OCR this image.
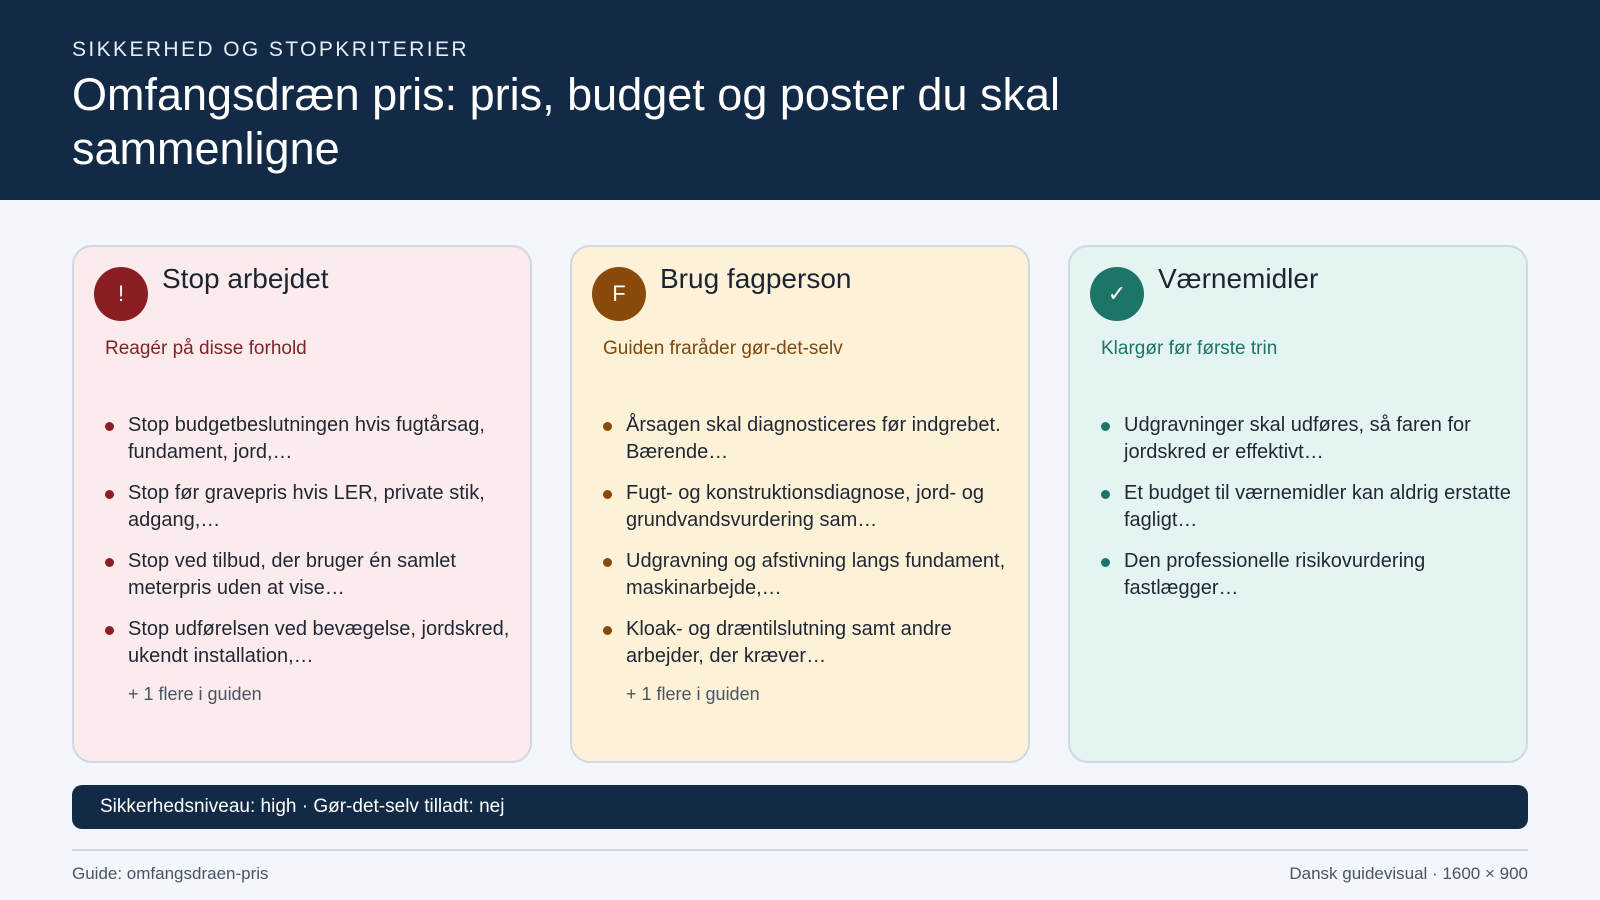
SIKKERHED OG STOPKRITERIER
Omfangsdræn pris: pris, budget og poster du skal sammenligne
!	Stop arbejdet
Reagér på disse forhold
Stop budgetbeslutningen hvis fugtårsag, fundament, jord,…
Stop før gravepris hvis LER, private stik, adgang,…
Stop ved tilbud, der bruger én samlet meterpris uden at vise…
Stop udførelsen ved bevægelse, jordskred, ukendt installation,…
+ 1 flere i guiden
F	Brug fagperson
Guiden fraråder gør-det-selv
Årsagen skal diagnosticeres før indgrebet. Bærende…
Fugt- og konstruktionsdiagnose, jord- og grundvandsvurdering sam…
Udgravning og afstivning langs fundament, maskinarbejde,…
Kloak- og dræntilslutning samt andre arbejder, der kræver…
+ 1 flere i guiden
✓	Værnemidler
Klargør før første trin
Udgravninger skal udføres, så faren for jordskred er effektivt…
Et budget til værnemidler kan aldrig erstatte fagligt…
Den professionelle risikovurdering fastlægger…
Sikkerhedsniveau: high · Gør-det-selv tilladt: nej
Guide: omfangsdraen-pris	Dansk guidevisual · 1600 × 900
